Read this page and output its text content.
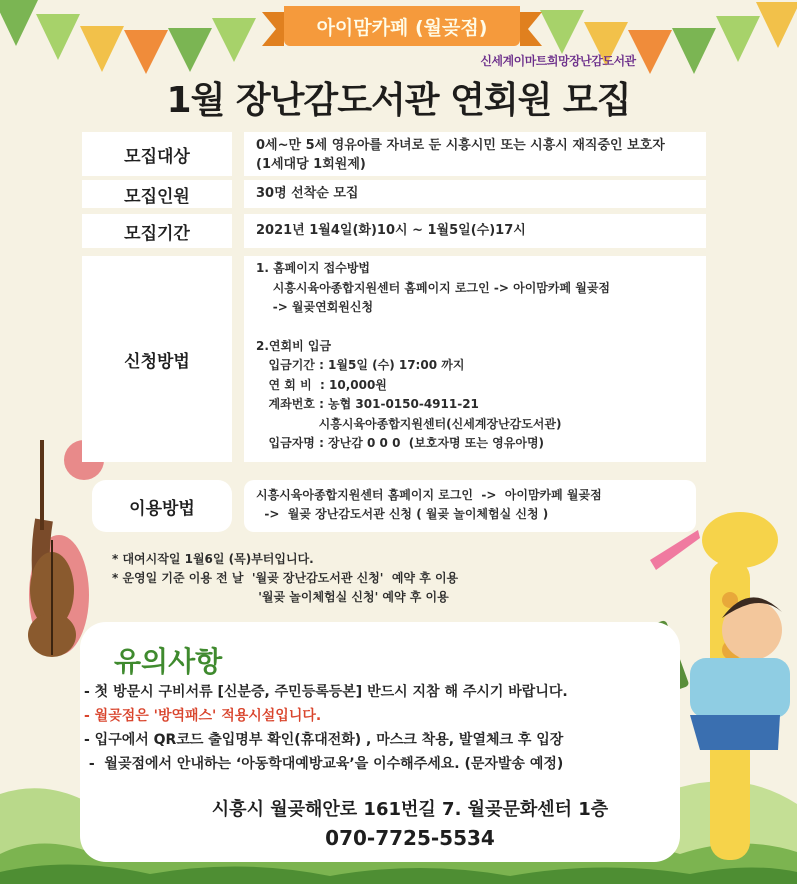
아이맘카페 (월곶점)
신세계이마트희망장난감도서관
1월 장난감도서관 연회원 모집
모집대상
0세~만 5세 영유아를 자녀로 둔 시흥시민 또는 시흥시 재직중인 보호자
(1세대당 1회원제)
모집인원	30명 선착순 모집
모집기간	2021년 1월4일(화)10시 ~ 1월5일(수)17시
신청방법
1. 홈페이지 접수방법
시흥시육아종합지원센터 홈페이지 로그인 -> 아이맘카페 월곶점
-> 월곶연회원신청
2.연회비 입금
입금기간 : 1월5일 (수) 17:00 까지
연 회 비  : 10,000원
계좌번호 : 농협 301-0150-4911-21
시흥시육아종합지원센터(신세계장난감도서관)
입금자명 : 장난감 0 0 0  (보호자명 또는 영유아명)
이용방법
시흥시육아종합지원센터 홈페이지 로그인  ->  아이맘카페 월곶점
->  월곶 장난감도서관 신청 ( 월곶 놀이체험실 신청 )
* 대여시작일 1월6일 (목)부터입니다.
* 운영일 기준 이용 전 날  '월곶 장난감도서관 신청'  예약 후 이용
'월곶 놀이체험실 신청' 예약 후 이용
유의사항
- 첫 방문시 구비서류 [신분증, 주민등록등본] 반드시 지참 해 주시기 바랍니다.
- 월곶점은 '방역패스' 적용시설입니다.
- 입구에서 QR코드 출입명부 확인(휴대전화) , 마스크 착용, 발열체크 후 입장
-  월곶점에서 안내하는 ‘아동학대예방교육’을 이수해주세요. (문자발송 예정)
시흥시 월곶해안로 161번길 7. 월곶문화센터 1층
070-7725-5534
